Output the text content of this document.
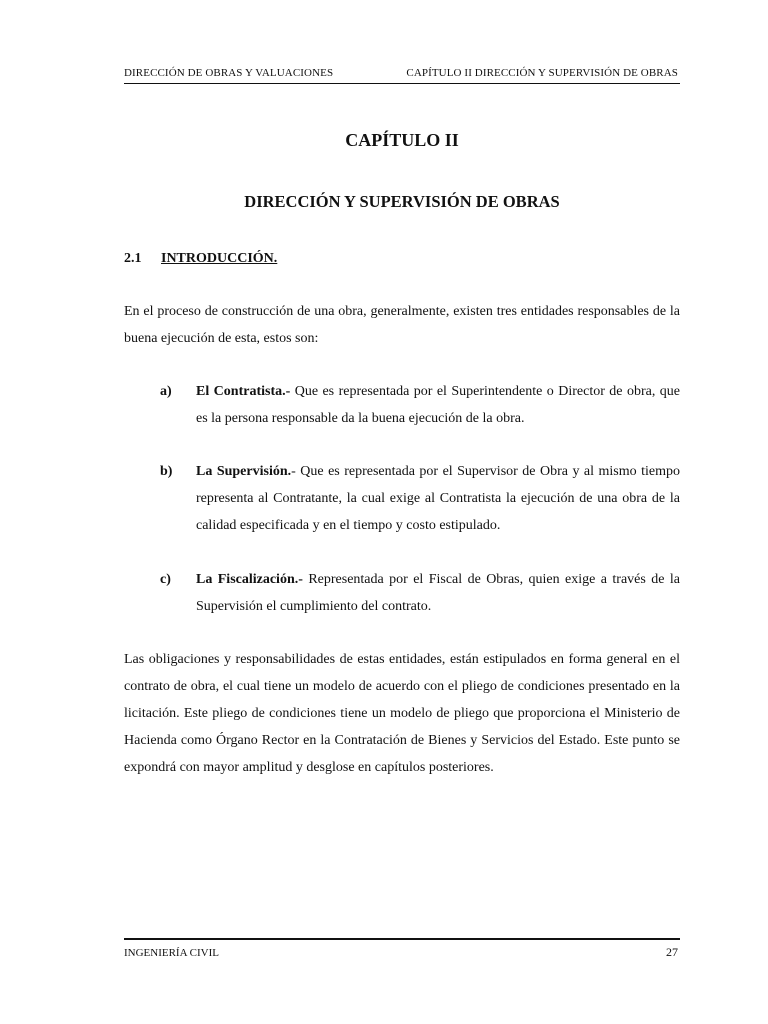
DIRECCIÓN DE OBRAS Y VALUACIONES	CAPÍTULO II DIRECCIÓN Y SUPERVISIÓN DE OBRAS
CAPÍTULO II
DIRECCIÓN Y SUPERVISIÓN DE OBRAS
2.1 INTRODUCCIÓN.

En el proceso de construcción de una obra, generalmente, existen tres entidades responsables de la buena ejecución de esta, estos son:

a) El Contratista.- Que es representada por el Superintendente o Director de obra, que es la persona responsable da la buena ejecución de la obra.
b) La Supervisión.- Que es representada por el Supervisor de Obra y al mismo tiempo representa al Contratante, la cual exige al Contratista la ejecución de una obra de la calidad especificada y en el tiempo y costo estipulado.
c) La Fiscalización.- Representada por el Fiscal de Obras, quien exige a través de la Supervisión el cumplimiento del contrato.

Las obligaciones y responsabilidades de estas entidades, están estipulados en forma general en el contrato de obra, el cual tiene un modelo de acuerdo con el pliego de condiciones presentado en la licitación. Este pliego de condiciones tiene un modelo de pliego que proporciona el Ministerio de Hacienda como Órgano Rector en la Contratación de Bienes y Servicios del Estado. Este punto se expondrá con mayor amplitud y desglose en capítulos posteriores.

INGENIERÍA CIVIL	27
